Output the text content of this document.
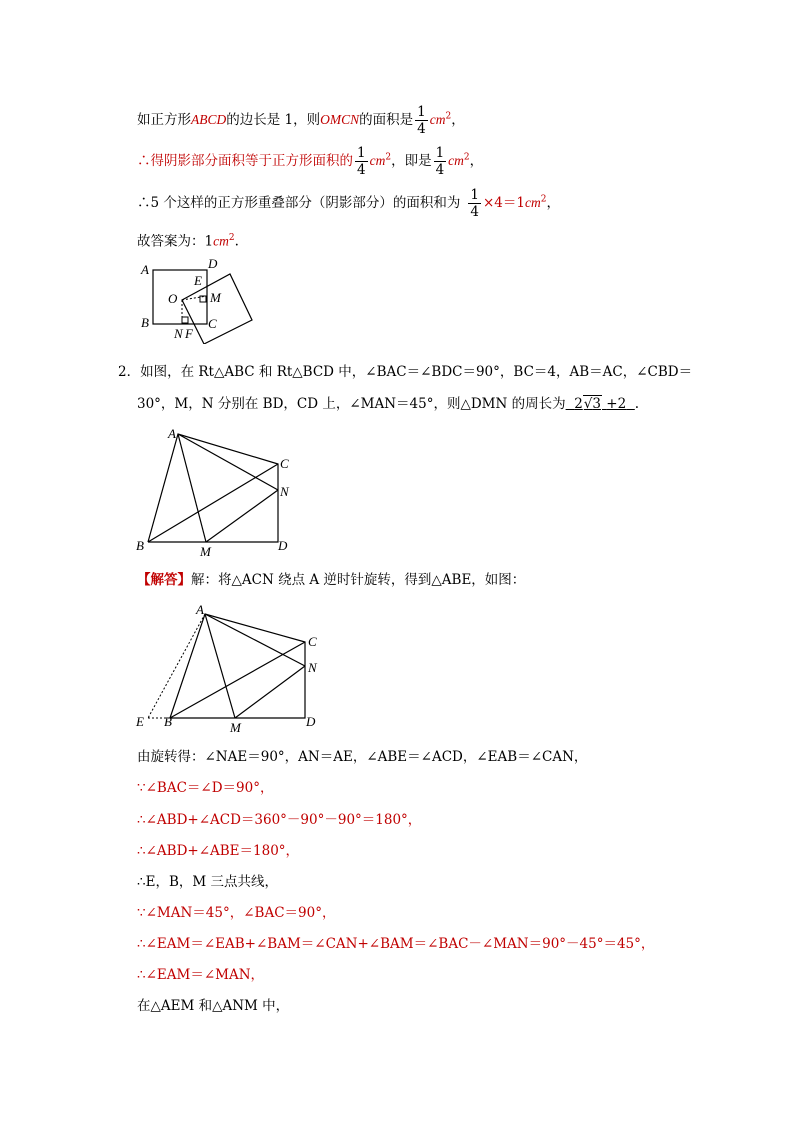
如正方形ABCD的边长是 1，则OMCN的面积是 $\frac{1}{4} cm^2$，
∴得阴影部分面积等于正方形面积的 $\frac{1}{4} cm^2$，即是 $\frac{1}{4} cm^2$，
∴5 个这样的正方形重叠部分（阴影部分）的面积和为 $\frac{1}{4} \times 4=1cm^2$，
故答案为：$1cm^2$.
A
B
D
E
O	M
C
N F
2．如图，在 Rt△ABC 和 Rt△BCD 中，∠BAC＝∠BDC＝90°，BC＝4，AB＝AC，∠CBD＝
30°，M，N 分别在 BD，CD 上，∠MAN＝45°，则△DMN 的周长为 2√3 +2 .
A
B
C
N
M	D
【解答】解：将△ACN 绕点 A 逆时针旋转，得到△ABE，如图：
A
B
C
N
M	D
E
由旋转得：∠NAE＝90°，AN＝AE，∠ABE＝∠ACD，∠EAB＝∠CAN，
∵∠BAC＝∠D＝90°，
∴∠ABD+∠ACD＝360°－90°－90°＝180°，
∴∠ABD+∠ABE＝180°，
∴E，B，M 三点共线，
∵∠MAN＝45°，∠BAC＝90°，
∴∠EAM＝∠EAB+∠BAM＝∠CAN+∠BAM＝∠BAC－∠MAN＝90°－45°＝45°，
∴∠EAM＝∠MAN，
在△AEM 和△ANM 中，
